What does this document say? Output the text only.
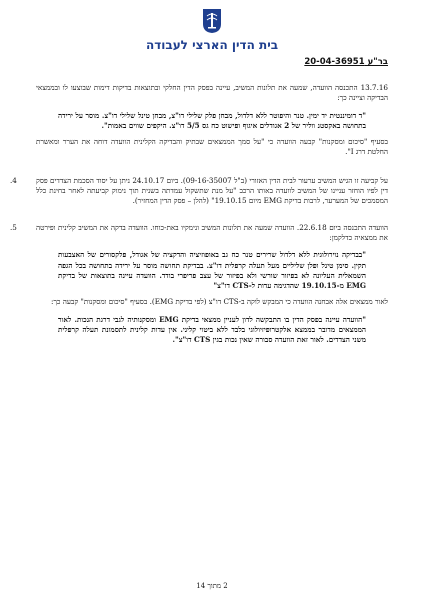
בית הדין הארצי לעבודה
בר"ע 20-04-36951

13.7.16 התכנסה הוועדה, שמעה את תלונות המשיב, עיינה בפסק הדין החלקי ובתוצאות בדיקות דימות שבוצעו לו ובממצאי הבדיקה וציינה כך:

"ד דומיננטית יד ימין. טנר והיפוטר ללא דלדול, מבחן פלק שלילי דו"צ, מבחן טינל שלילי דו"צ. מוסר על ירידה בתחושה באקסטנ ווליר של 2 אגודלים איגוף ופישוט כח גס 5/5 דו"צ. היקפים שווים באמות".

בסעיף "סיכום ומסקנות" קבעה הוועדה כי "על סמך הממצאים שבתיק והבדיקה הקלינית הוועדה דוחה את הערר ומאשרת החלטת דרג I".

4.	על קביעה זו הגיש המשיב ערעור לבית הדין האזורי (ב"ל 09-16-35007). ביום 24.10.17 ניתן על יסוד הסכמת הצדדים פסק דין לפיו הוחזר עניינו של המשיב לוועדה באותו הרכב "על מנת שתשקול עמדתה בשנית תוך נימוק קביעתה לאחר בחינת כלל המסמכים של המערער, לרבות בדיקת EMG מיום 19.10.15" (להלן – פסק הדין המחזיר).

5.	הוועדה התכנסה ביום 22.6.18. הוועדה שמעה את תלונות המשיב ונימקיו באת-כוחו. הוועדה בדקה את המשיב קלינית ופירטה את ממצאיה כדלקמן:

"בבדיקה נוירולוגית ללא דלדול שרירים טנר כח גב באופוזיציה והדקציה של אגודל, פלקסורים של האצבעות תקין. סימן טינל ופלן שליליים מעל תעלה קרפלית דו"צ. בבדיקת תחושה מוסר על ירידה בתחושה בכל הגפה השמאלית העליונה לא בפיזור שורשי ולא בפיזור של עצב פריפרי בודד. הוועדה עיינה בתוצאות של בדיקת EMG מ-19.10.15 שהדגימה עדות ל-CTS דו"צ"

לאור ממצאים אלה אבחנה הוועדה כי המבקש לוקה ב-CTS דו"צ (לפי בדיקת EMG). בסעיף "סיכום ומסקנות" קבעה כך:

"הוועדה עיינה בפסק הדין בו התבקשה לדון לעניין ממצאי בדיקת EMG ומסקנותיה לגבי דרגת הנכות. לאור הממצאים מדובר בממצא אלקטרופיזיולוגי בלבד ללא ביטוי קליני. אין עדות קלינית לתסמונת תעלה קרפלית משני הצדדים. לאור זאת הוועדה סבורה שאין נכות בגין CTS דו"צ".

2 מתוך 14
